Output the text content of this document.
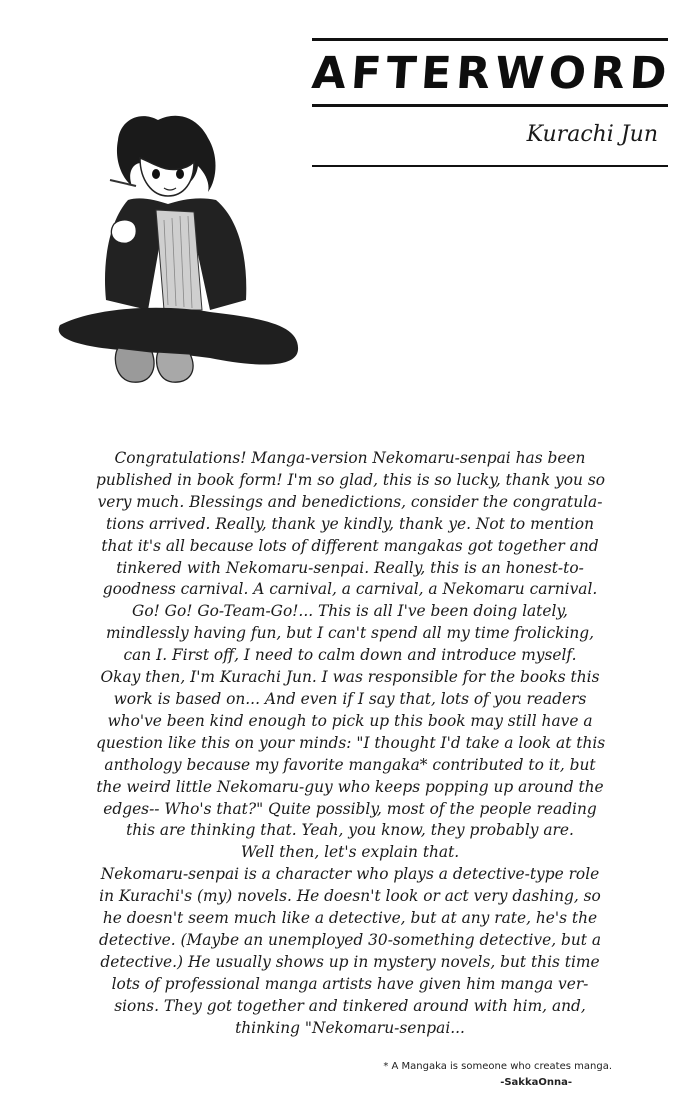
AFTERWORD
Kurachi Jun
Congratulations! Manga-version Nekomaru-senpai has been
published in book form! I'm so glad, this is so lucky, thank you so
very much. Blessings and benedictions, consider the congratula-
tions arrived. Really, thank ye kindly, thank ye. Not to mention
that it's all because lots of different mangakas got together and
tinkered with Nekomaru-senpai. Really, this is an honest-to-
goodness carnival. A carnival, a carnival, a Nekomaru carnival.
Go! Go! Go-Team-Go!... This is all I've been doing lately,
mindlessly having fun, but I can't spend all my time frolicking,
can I. First off, I need to calm down and introduce myself.
Okay then, I'm Kurachi Jun. I was responsible for the books this
work is based on... And even if I say that, lots of you readers
who've been kind enough to pick up this book may still have a
question like this on your minds: "I thought I'd take a look at this
anthology because my favorite mangaka* contributed to it, but
the weird little Nekomaru-guy who keeps popping up around the
edges-- Who's that?" Quite possibly, most of the people reading
this are thinking that. Yeah, you know, they probably are.
Well then, let's explain that.
Nekomaru-senpai is a character who plays a detective-type role
in Kurachi's (my) novels. He doesn't look or act very dashing, so
he doesn't seem much like a detective, but at any rate, he's the
detective. (Maybe an unemployed 30-something detective, but a
detective.) He usually shows up in mystery novels, but this time
lots of professional manga artists have given him manga ver-
sions. They got together and tinkered around with him, and,
thinking "Nekomaru-senpai...
* A Mangaka is someone who creates manga.
-SakkaOnna-
